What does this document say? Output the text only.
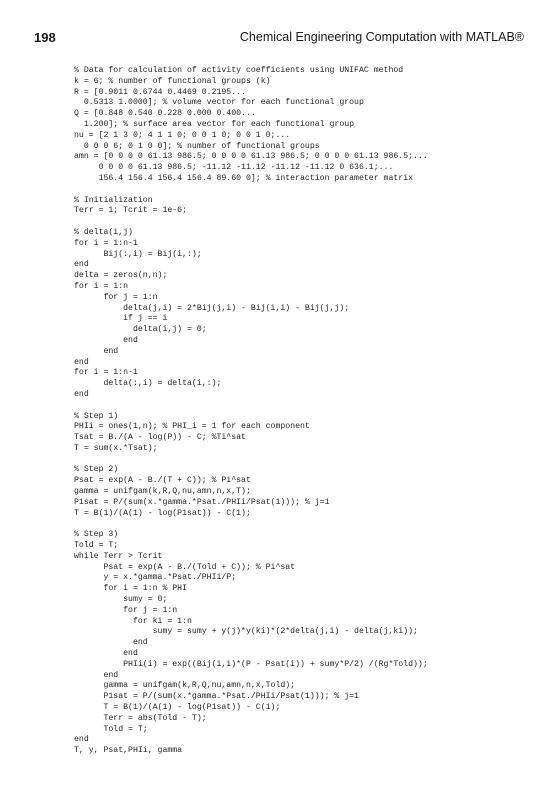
198	Chemical Engineering Computation with MATLAB®
% Data for calculation of activity coefficients using UNIFAC method
k = 6; % number of functional groups (k)
R = [0.9011 0.6744 0.4469 0.2195...
0.5313 1.0000]; % volume vector for each functional group
Q = [0.848 0.540 0.228 0.000 0.400...
1.200]; % surface area vector for each functional group
nu = [2 1 3 0; 4 1 1 0; 0 0 1 0; 0 0 1 0;...
0 0 0 6; 0 1 0 0]; % number of functional groups
amn = [0 0 0 0 61.13 986.5; 0 0 0 0 61.13 986.5; 0 0 0 0 61.13 986.5;...
0 0 0 0 61.13 986.5; -11.12 -11.12 -11.12 -11.12 0 636.1;...
156.4 156.4 156.4 156.4 89.60 0]; % interaction parameter matrix
% Initialization
Terr = 1; Tcrit = 1e-6;
% delta(i,j)
for i = 1:n-1
Bij(:,i) = Bij(i,:);
end
delta = zeros(n,n);
for i = 1:n
for j = 1:n
delta(j,i) = 2*Bij(j,i) - Bij(i,i) - Bij(j,j);
if j == i
delta(i,j) = 0;
end
end
end
for i = 1:n-1
delta(:,i) = delta(i,:);
end
% Step 1)
PHIi = ones(1,n); % PHI_i = 1 for each component
Tsat = B./(A - log(P)) - C; %Ti^sat
T = sum(x.*Tsat);
% Step 2)
Psat = exp(A - B./(T + C)); % Pi^sat
gamma = unifgam(k,R,Q,nu,amn,n,x,T);
P1sat = P/(sum(x.*gamma.*Psat./PHIi/Psat(1))); % j=1
T = B(1)/(A(1) - log(P1sat)) - C(1);
% Step 3)
Told = T;
while Terr > Tcrit
Psat = exp(A - B./(Told + C)); % Pi^sat
y = x.*gamma.*Psat./PHIi/P;
for i = 1:n % PHI
sumy = 0;
for j = 1:n
for ki = 1:n
sumy = sumy + y(j)*y(ki)*(2*delta(j,i) - delta(j,ki));
end
end
PHIi(i) = exp((Bij(i,i)*(P - Psat(i)) + sumy*P/2) /(Rg*Told));
end
gamma = unifgam(k,R,Q,nu,amn,n,x,Told);
P1sat = P/(sum(x.*gamma.*Psat./PHIi/Psat(1))); % j=1
T = B(1)/(A(1) - log(P1sat)) - C(1);
Terr = abs(Told - T);
Told = T;
end
T, y, Psat,PHIi, gamma
